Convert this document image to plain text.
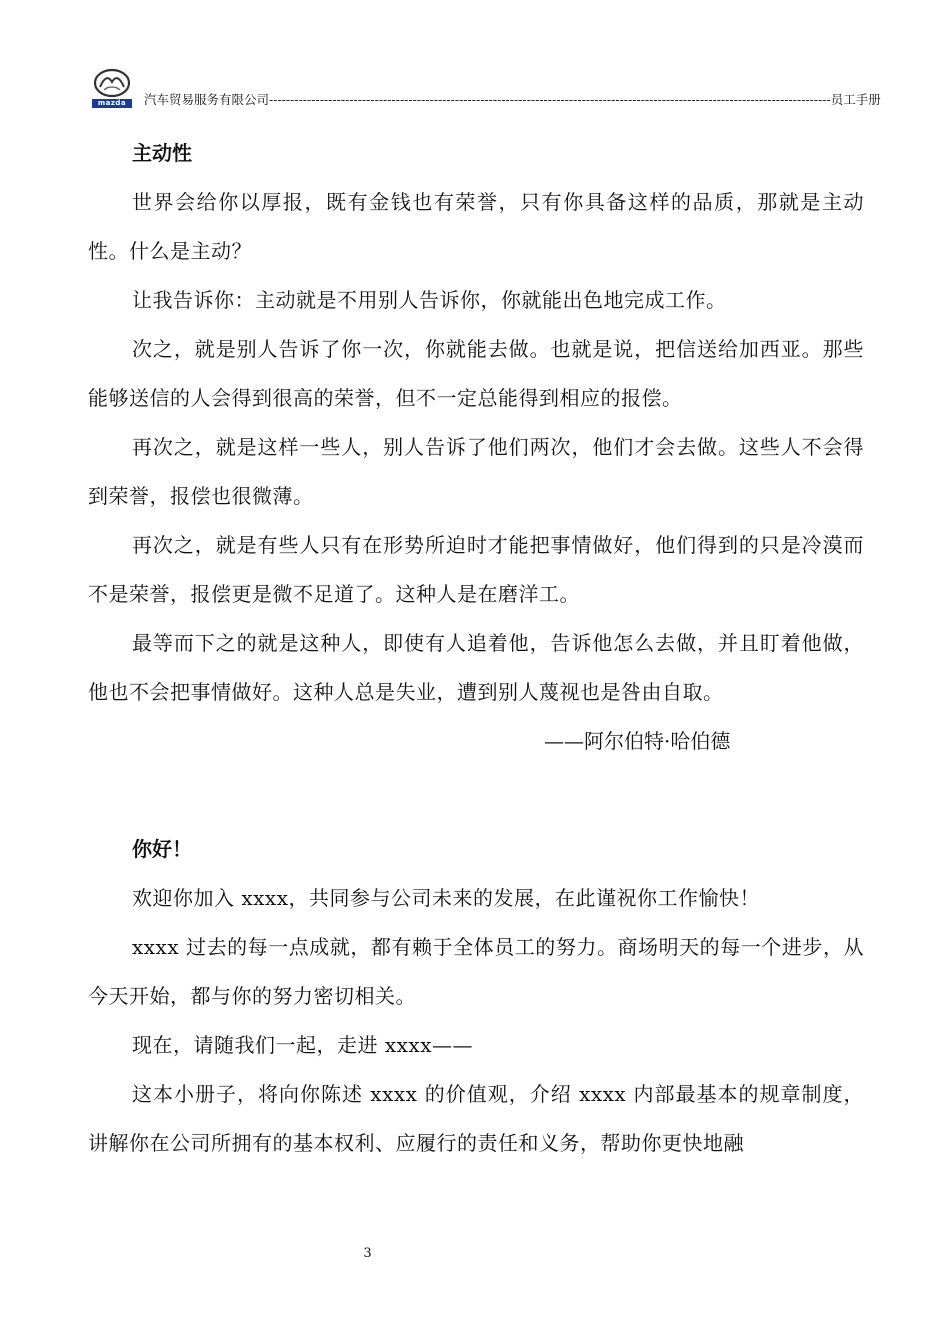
mazda	汽车贸易服务有限公司 ------------------------------------------------------------------------------------------------------------------------------------- 员工手册
主动性

世界会给你以厚报，既有金钱也有荣誉，只有你具备这样的品质，那就是主动性。什么是主动？

让我告诉你：主动就是不用别人告诉你，你就能出色地完成工作。

次之，就是别人告诉了你一次，你就能去做。也就是说，把信送给加西亚。那些能够送信的人会得到很高的荣誉，但不一定总能得到相应的报偿。

再次之，就是这样一些人，别人告诉了他们两次，他们才会去做。这些人不会得到荣誉，报偿也很微薄。

再次之，就是有些人只有在形势所迫时才能把事情做好，他们得到的只是冷漠而不是荣誉，报偿更是微不足道了。这种人是在磨洋工。

最等而下之的就是这种人，即使有人追着他，告诉他怎么去做，并且盯着他做，他也不会把事情做好。这种人总是失业，遭到别人蔑视也是咎由自取。

——阿尔伯特·哈伯德

你好！

欢迎你加入 xxxx，共同参与公司未来的发展，在此谨祝你工作愉快！

xxxx 过去的每一点成就，都有赖于全体员工的努力。商场明天的每一个进步，从今天开始，都与你的努力密切相关。

现在，请随我们一起，走进 xxxx——

这本小册子，将向你陈述 xxxx 的价值观，介绍 xxxx 内部最基本的规章制度，讲解你在公司所拥有的基本权利、应履行的责任和义务，帮助你更快地融

3
